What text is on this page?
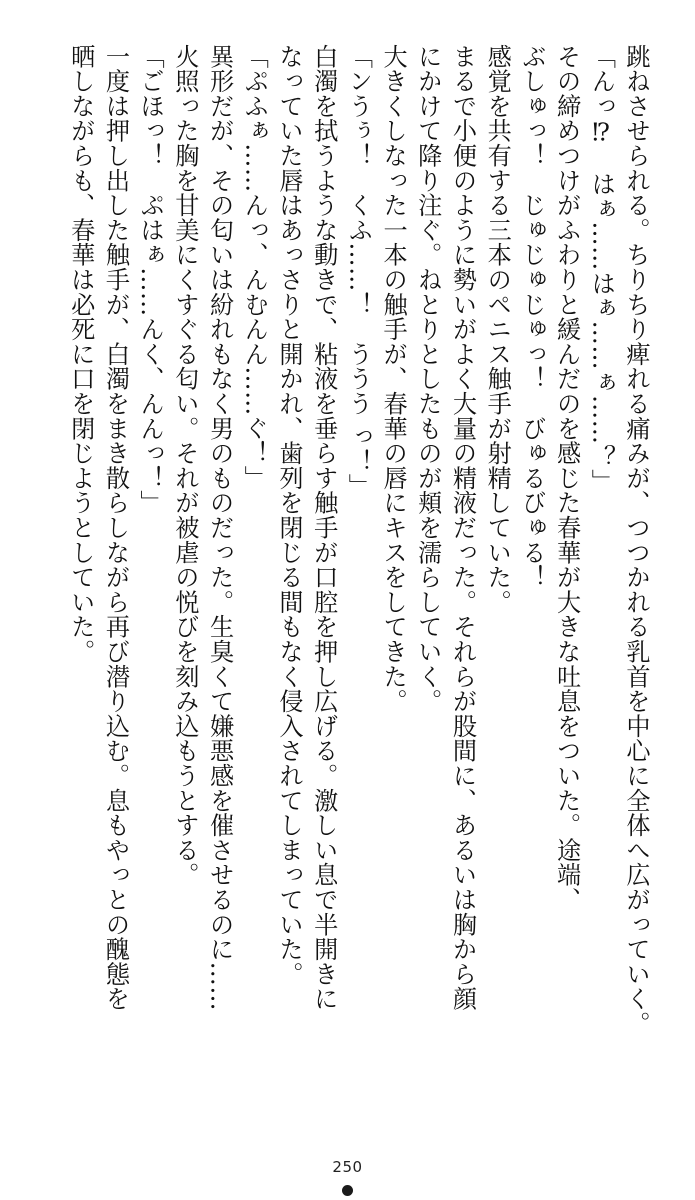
跳ねさせられる。ちりちり痺れる痛みが、つつかれる乳首を中心に全体へ広がっていく。
「んっ⁉　はぁ……はぁ……ぁ……？」
その締めつけがふわりと緩んだのを感じた春華が大きな吐息をついた。途端、
ぶしゅっ！　じゅじゅじゅっ！　びゅるびゅる！
感覚を共有する三本のペニス触手が射精していた。
まるで小便のように勢いがよく大量の精液だった。それらが股間に、あるいは胸から顔
にかけて降り注ぐ。ねとりとしたものが頬を濡らしていく。
大きくしなった一本の触手が、春華の唇にキスをしてきた。
「ンうぅ！　くふ……！　ううう っ！」
白濁を拭うような動きで、粘液を垂らす触手が口腔を押し広げる。激しい息で半開きに
なっていた唇はあっさりと開かれ、歯列を閉じる間もなく侵入されてしまっていた。
「ぷふぁ……んっ、んむんん……ぐ！」
異形だが、その匂いは紛れもなく男のものだった。生臭くて嫌悪感を催させるのに……
火照った胸を甘美にくすぐる匂い。それが被虐の悦びを刻み込もうとする。
「ごほっ！　ぷはぁ……んく、んんっ！」
一度は押し出した触手が、白濁をまき散らしながら再び潜り込む。息もやっとの醜態を
晒しながらも、春華は必死に口を閉じようとしていた。
250
